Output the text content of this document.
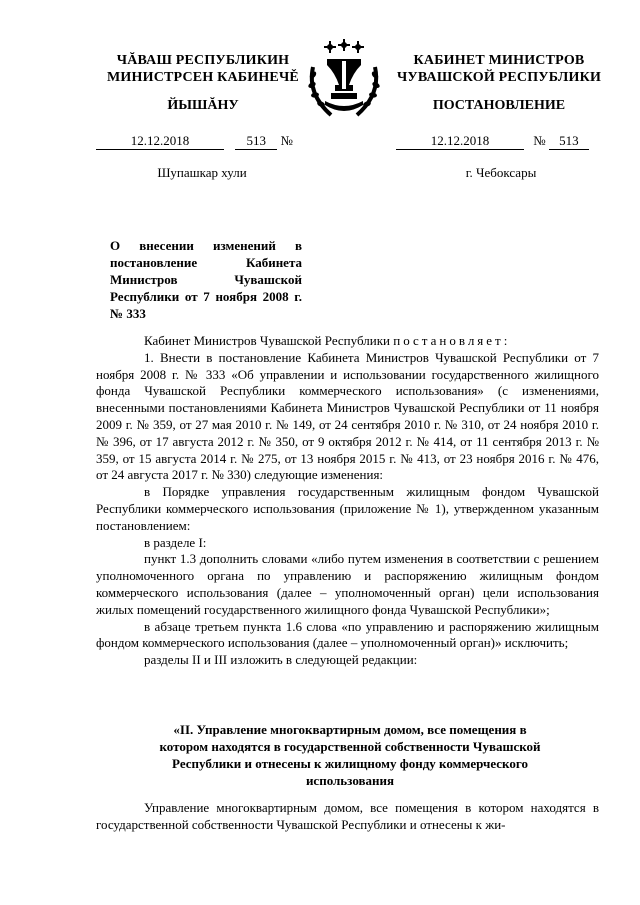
ЧĂВАШ РЕСПУБЛИКИН
МИНИСТРСЕН КАБИНЕЧĚ
ЙЫШĂНУ
КАБИНЕТ МИНИСТРОВ
ЧУВАШСКОЙ РЕСПУБЛИКИ
ПОСТАНОВЛЕНИЕ
12.12.2018	513 №	12.12.2018	№ 513
Шупашкар хули	г. Чебоксары
О внесении изменений в постановление Кабинета Министров Чувашской Республики от 7 ноября 2008 г. № 333

Кабинет Министров Чувашской Республики постановляет:

1. Внести в постановление Кабинета Министров Чувашской Республики от 7 ноября 2008 г. № 333 «Об управлении и использовании государственного жилищного фонда Чувашской Республики коммерческого использования» (с изменениями, внесенными постановлениями Кабинета Министров Чувашской Республики от 11 ноября 2009 г. № 359, от 27 мая 2010 г. № 149, от 24 сентября 2010 г. № 310, от 24 ноября 2010 г. № 396, от 17 августа 2012 г. № 350, от 9 октября 2012 г. № 414, от 11 сентября 2013 г. № 359, от 15 августа 2014 г. № 275, от 13 ноября 2015 г. № 413, от 23 ноября 2016 г. № 476, от 24 августа 2017 г. № 330) следующие изменения:

в Порядке управления государственным жилищным фондом Чувашской Республики коммерческого использования (приложение № 1), утвержденном указанным постановлением:

в разделе I:

пункт 1.3 дополнить словами «либо путем изменения в соответствии с решением уполномоченного органа по управлению и распоряжению жилищным фондом коммерческого использования (далее – уполномоченный орган) цели использования жилых помещений государственного жилищного фонда Чувашской Республики»;

в абзаце третьем пункта 1.6 слова «по управлению и распоряжению жилищным фондом коммерческого использования (далее – уполномоченный орган)» исключить;

разделы II и III изложить в следующей редакции:

«II. Управление многоквартирным домом, все помещения в котором находятся в государственной собственности Чувашской Республики и отнесены к жилищному фонду коммерческого использования

Управление многоквартирным домом, все помещения в котором находятся в государственной собственности Чувашской Республики и отнесены к жи-
